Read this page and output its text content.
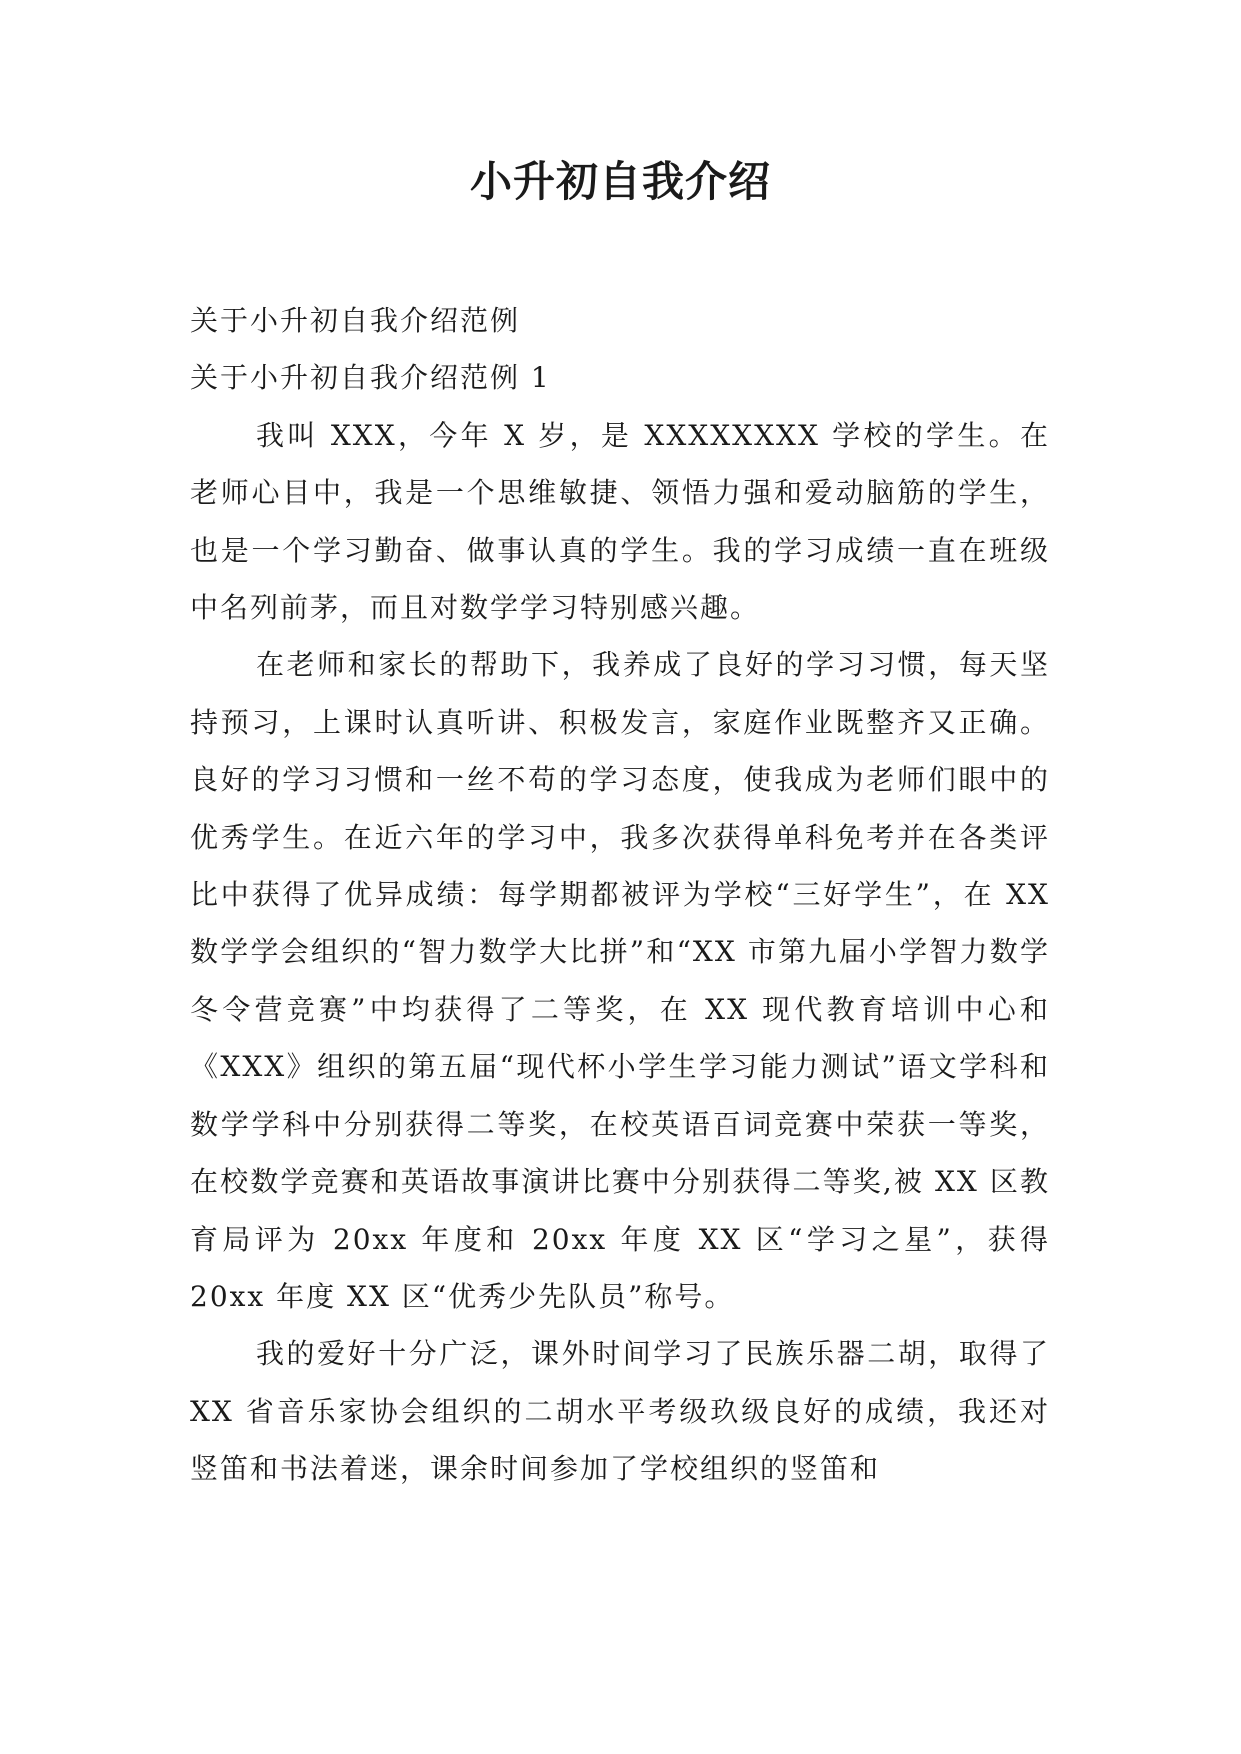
小升初自我介绍

关于小升初自我介绍范例

关于小升初自我介绍范例 1

我叫 XXX，今年 X 岁，是 XXXXXXXX 学校的学生。在老师心目中，我是一个思维敏捷、领悟力强和爱动脑筋的学生，也是一个学习勤奋、做事认真的学生。我的学习成绩一直在班级中名列前茅，而且对数学学习特别感兴趣。

在老师和家长的帮助下，我养成了良好的学习习惯，每天坚持预习，上课时认真听讲、积极发言，家庭作业既整齐又正确。良好的学习习惯和一丝不苟的学习态度，使我成为老师们眼中的优秀学生。在近六年的学习中，我多次获得单科免考并在各类评比中获得了优异成绩：每学期都被评为学校“三好学生”，在 XX 数学学会组织的“智力数学大比拼”和“XX 市第九届小学智力数学冬令营竞赛”中均获得了二等奖，在 XX 现代教育培训中心和《XXX》组织的第五届“现代杯小学生学习能力测试”语文学科和数学学科中分别获得二等奖，在校英语百词竞赛中荣获一等奖，在校数学竞赛和英语故事演讲比赛中分别获得二等奖,被 XX 区教育局评为 20xx 年度和 20xx 年度 XX 区“学习之星”，获得 20xx 年度 XX 区“优秀少先队员”称号。

我的爱好十分广泛，课外时间学习了民族乐器二胡，取得了 XX 省音乐家协会组织的二胡水平考级玖级良好的成绩，我还对竖笛和书法着迷，课余时间参加了学校组织的竖笛和
